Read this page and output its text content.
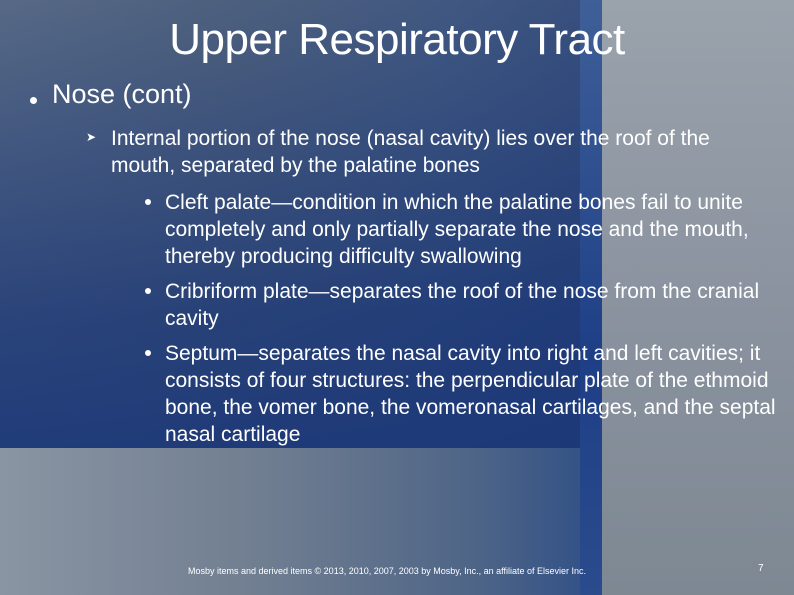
Upper Respiratory Tract
Nose (cont)
➤ Internal portion of the nose (nasal cavity) lies over the roof of the mouth, separated by the palatine bones
Cleft palate—condition in which the palatine bones fail to unite completely and only partially separate the nose and the mouth, thereby producing difficulty swallowing
Cribriform plate—separates the roof of the nose from the cranial cavity
Septum—separates the nasal cavity into right and left cavities; it consists of four structures: the perpendicular plate of the ethmoid bone, the vomer bone, the vomeronasal cartilages, and the septal nasal cartilage
Mosby items and derived items © 2013, 2010, 2007, 2003 by Mosby, Inc., an affiliate of Elsevier Inc.	7
